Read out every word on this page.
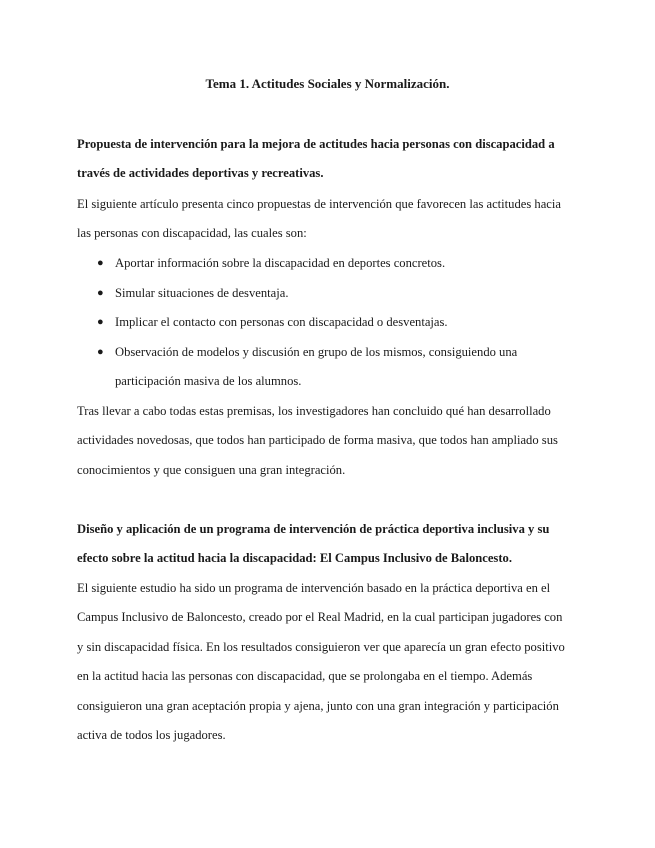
Tema 1. Actitudes Sociales y Normalización.
Propuesta de intervención para la mejora de actitudes hacia personas con discapacidad a
través de actividades deportivas y recreativas.
El siguiente artículo presenta cinco propuestas de intervención que favorecen las actitudes hacia
las personas con discapacidad, las cuales son:
● Aportar información sobre la discapacidad en deportes concretos.
● Simular situaciones de desventaja.
● Implicar el contacto con personas con discapacidad o desventajas.
● Observación de modelos y discusión en grupo de los mismos, consiguiendo una
participación masiva de los alumnos.
Tras llevar a cabo todas estas premisas, los investigadores han concluido qué han desarrollado
actividades novedosas, que todos han participado de forma masiva, que todos han ampliado sus
conocimientos y que consiguen una gran integración.
Diseño y aplicación de un programa de intervención de práctica deportiva inclusiva y su
efecto sobre la actitud hacia la discapacidad: El Campus Inclusivo de Baloncesto.
El siguiente estudio ha sido un programa de intervención basado en la práctica deportiva en el
Campus Inclusivo de Baloncesto, creado por el Real Madrid, en la cual participan jugadores con
y sin discapacidad física. En los resultados consiguieron ver que aparecía un gran efecto positivo
en la actitud hacia las personas con discapacidad, que se prolongaba en el tiempo. Además
consiguieron una gran aceptación propia y ajena, junto con una gran integración y participación
activa de todos los jugadores.
